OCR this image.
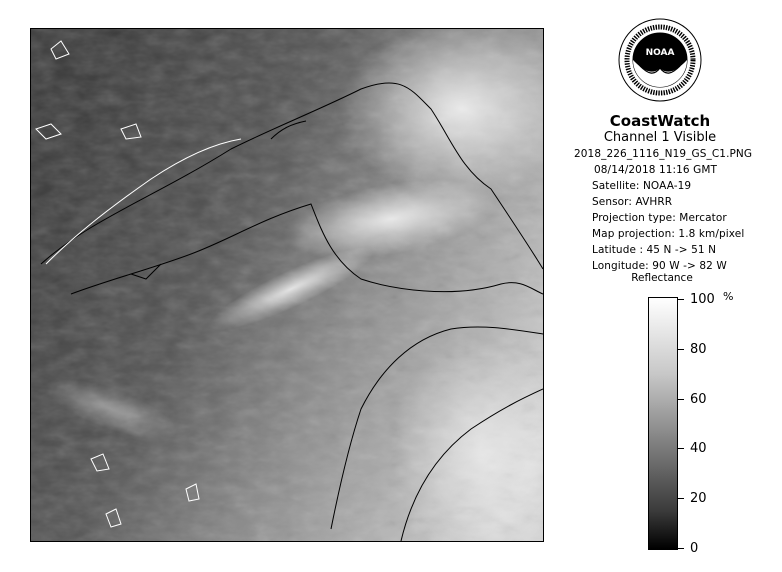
NOAA
CoastWatch
Channel 1 Visible
2018_226_1116_N19_GS_C1.PNG
08/14/2018 11:16 GMT
Satellite: NOAA-19
Sensor: AVHRR
Projection type: Mercator
Map projection: 1.8 km/pixel
Latitude : 45 N -> 51 N
Longitude: 90 W -> 82 W
Reflectance
%
100
80
60
40
20
0
